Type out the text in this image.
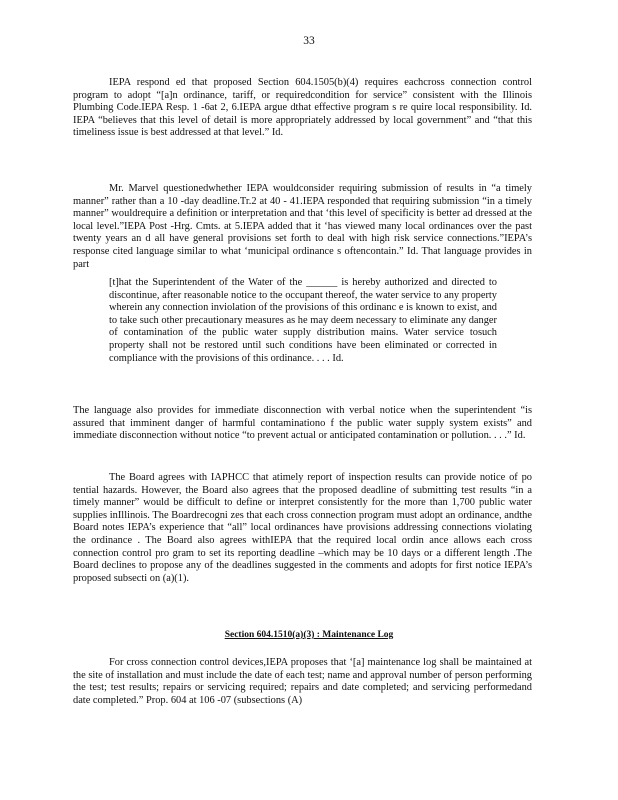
33

IEPA respond ed that proposed Section 604.1505(b)(4) requires eachcross connection control program to adopt “[a]n ordinance, tariff, or requiredcondition for service” consistent with the Illinois Plumbing Code.IEPA Resp. 1 -6at 2, 6.IEPA argue dthat effective program s re quire local responsibility. Id. IEPA “believes that this level of detail is more appropriately addressed by local government” and “that this timeliness issue is best addressed at that level.” Id.

Mr. Marvel questionedwhether IEPA wouldconsider requiring submission of results in “a timely manner” rather than a 10 -day deadline.Tr.2 at 40 - 41.IEPA responded that requiring submission “in a timely manner” wouldrequire a definition or interpretation and that ‘this level of specificity is better ad dressed at the local level.”IEPA Post -Hrg. Cmts. at 5.IEPA added that it ‘has viewed many local ordinances over the past twenty years an d all have general provisions set forth to deal with high risk service connections.”IEPA’s response cited language similar to what ‘municipal ordinance s oftencontain.” Id. That language provides in part

[t]hat the Superintendent of the Water of the ______ is hereby authorized and directed to discontinue, after reasonable notice to the occupant thereof, the water service to any property wherein any connection inviolation of the provisions of this ordinanc e is known to exist, and to take such other precautionary measures as he may deem necessary to eliminate any danger of contamination of the public water supply distribution mains. Water service tosuch property shall not be restored until such conditions have been eliminated or corrected in compliance with the provisions of this ordinance. . . . Id.

The language also provides for immediate disconnection with verbal notice when the superintendent “is assured that imminent danger of harmful contaminationo f the public water supply system exists” and immediate disconnection without notice “to prevent actual or anticipated contamination or pollution. . . .” Id.

The Board agrees with IAPHCC that atimely report of inspection results can provide notice of po tential hazards. However, the Board also agrees that the proposed deadline of submitting test results “in a timely manner” would be difficult to define or interpret consistently for the more than 1,700 public water supplies inIllinois. The Boardrecogni zes that each cross connection program must adopt an ordinance, andthe Board notes IEPA’s experience that “all” local ordinances have provisions addressing connections violating the ordinance . The Board also agrees withIEPA that the required local ordin ance allows each cross connection control pro gram to set its reporting deadline –which may be 10 days or a different length .The Board declines to propose any of the deadlines suggested in the comments and adopts for first notice IEPA’s proposed subsecti on (a)(1).

Section 604.1510(a)(3) : Maintenance Log

For cross connection control devices,IEPA proposes that ‘[a] maintenance log shall be maintained at the site of installation and must include the date of each test; name and approval number of person performing the test; test results; repairs or servicing required; repairs and date completed; and servicing performedand date completed.” Prop. 604 at 106 -07 (subsections (A)
